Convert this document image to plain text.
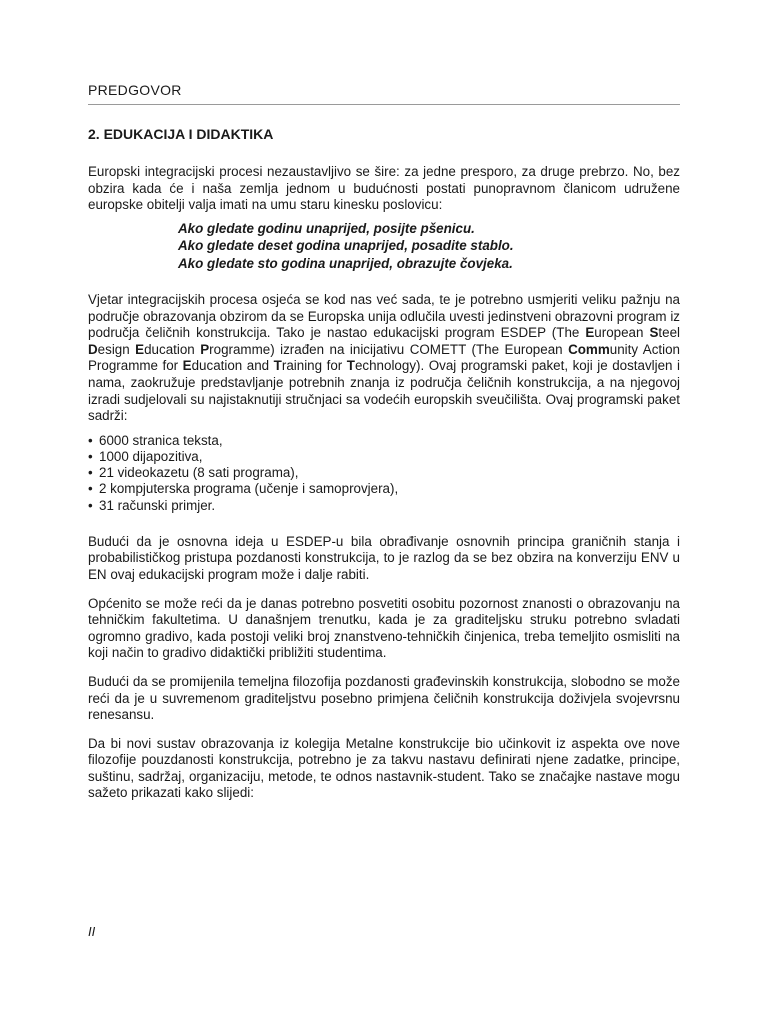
PREDGOVOR
2. EDUKACIJA I DIDAKTIKA

Europski integracijski procesi nezaustavljivo se šire: za jedne presporo, za druge prebrzo. No, bez obzira kada će i naša zemlja jednom u budućnosti postati punopravnom članicom udružene europske obitelji valja imati na umu staru kinesku poslovicu:

Ako gledate godinu unaprijed, posijte pšenicu.
Ako gledate deset godina unaprijed, posadite stablo.
Ako gledate sto godina unaprijed, obrazujte čovjeka.

Vjetar integracijskih procesa osjeća se kod nas već sada, te je potrebno usmjeriti veliku pažnju na područje obrazovanja obzirom da se Europska unija odlučila uvesti jedinstveni obrazovni program iz područja čeličnih konstrukcija. Tako je nastao edukacijski program ESDEP (The European Steel Design Education Programme) izrađen na inicijativu COMETT (The European Community Action Programme for Education and Training for Technology). Ovaj programski paket, koji je dostavljen i nama, zaokružuje predstavljanje potrebnih znanja iz područja čeličnih konstrukcija, a na njegovoj izradi sudjelovali su najistaknutiji stručnjaci sa vodećih europskih sveučilišta. Ovaj programski paket sadrži:

• 6000 stranica teksta,
• 1000 dijapozitiva,
• 21 videokazetu (8 sati programa),
• 2 kompjuterska programa (učenje i samoprovjera),
• 31 računski primjer.

Budući da je osnovna ideja u ESDEP-u bila obrađivanje osnovnih principa graničnih stanja i probabilističkog pristupa pozdanosti konstrukcija, to je razlog da se bez obzira na konverziju ENV u EN ovaj edukacijski program može i dalje rabiti.

Općenito se može reći da je danas potrebno posvetiti osobitu pozornost znanosti o obrazovanju na tehničkim fakultetima. U današnjem trenutku, kada je za graditeljsku struku potrebno svladati ogromno gradivo, kada postoji veliki broj znanstveno-tehničkih činjenica, treba temeljito osmisliti na koji način to gradivo didaktički približiti studentima.

Budući da se promijenila temeljna filozofija pozdanosti građevinskih konstrukcija, slobodno se može reći da je u suvremenom graditeljstvu posebno primjena čeličnih konstrukcija doživjela svojevrsnu renesansu.

Da bi novi sustav obrazovanja iz kolegija Metalne konstrukcije bio učinkovit iz aspekta ove nove filozofije pouzdanosti konstrukcija, potrebno je za takvu nastavu definirati njene zadatke, principe, suštinu, sadržaj, organizaciju, metode, te odnos nastavnik-student. Tako se značajke nastave mogu sažeto prikazati kako slijedi:

II
